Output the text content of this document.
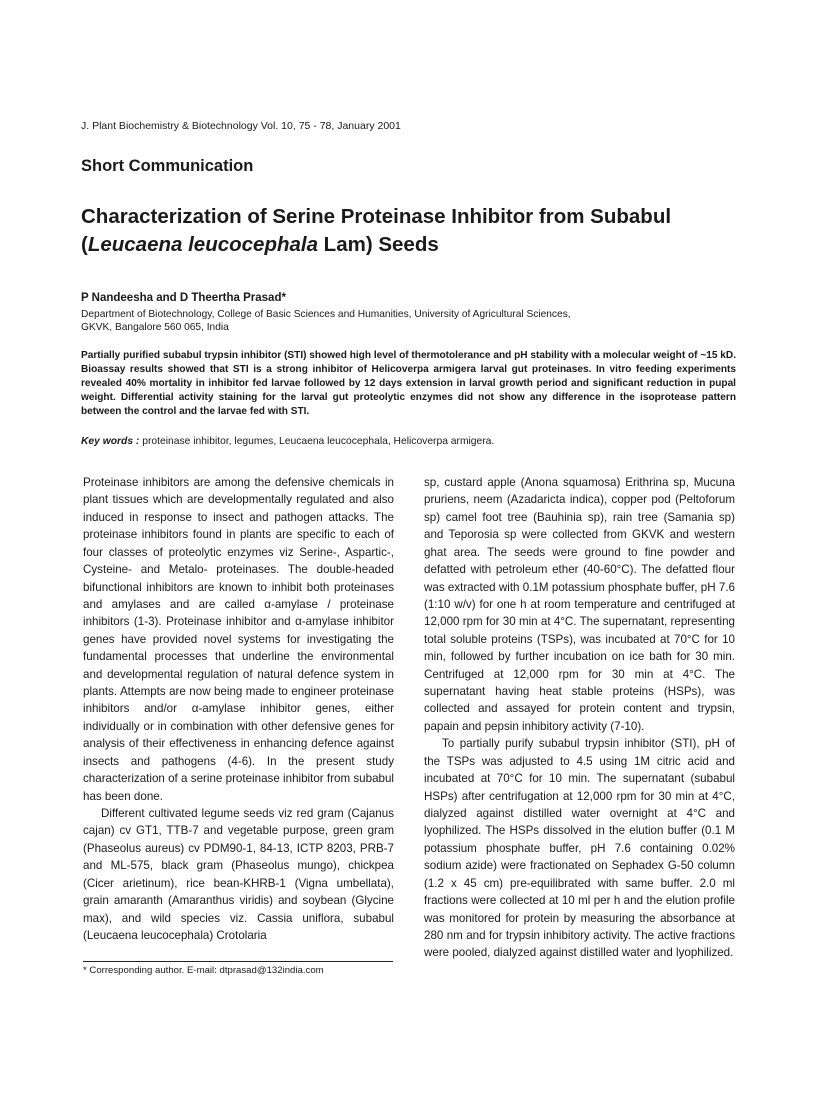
J. Plant Biochemistry & Biotechnology Vol. 10, 75 - 78, January 2001
Short Communication
Characterization of Serine Proteinase Inhibitor from Subabul
(Leucaena leucocephala Lam) Seeds
P Nandeesha and D Theertha Prasad*
Department of Biotechnology, College of Basic Sciences and Humanities, University of Agricultural Sciences,
GKVK, Bangalore 560 065, India
Partially purified subabul trypsin inhibitor (STI) showed high level of thermotolerance and pH stability with a molecular weight of ~15 kD. Bioassay results showed that STI is a strong inhibitor of Helicoverpa armigera larval gut proteinases. In vitro feeding experiments revealed 40% mortality in inhibitor fed larvae followed by 12 days extension in larval growth period and significant reduction in pupal weight. Differential activity staining for the larval gut proteolytic enzymes did not show any difference in the isoprotease pattern between the control and the larvae fed with STI.
Key words : proteinase inhibitor, legumes, Leucaena leucocephala, Helicoverpa armigera.

Proteinase inhibitors are among the defensive chemicals in plant tissues which are developmentally regulated and also induced in response to insect and pathogen attacks. The proteinase inhibitors found in plants are specific to each of four classes of proteolytic enzymes viz Serine-, Aspartic-, Cysteine- and Metalo- proteinases. The double-headed bifunctional inhibitors are known to inhibit both proteinases and amylases and are called α-amylase / proteinase inhibitors (1-3). Proteinase inhibitor and α-amylase inhibitor genes have provided novel systems for investigating the fundamental processes that underline the environmental and developmental regulation of natural defence system in plants. Attempts are now being made to engineer proteinase inhibitors and/or α-amylase inhibitor genes, either individually or in combination with other defensive genes for analysis of their effectiveness in enhancing defence against insects and pathogens (4-6). In the present study characterization of a serine proteinase inhibitor from subabul has been done.

Different cultivated legume seeds viz red gram (Cajanus cajan) cv GT1, TTB-7 and vegetable purpose, green gram (Phaseolus aureus) cv PDM90-1, 84-13, ICTP 8203, PRB-7 and ML-575, black gram (Phaseolus mungo), chickpea (Cicer arietinum), rice bean-KHRB-1 (Vigna umbellata), grain amaranth (Amaranthus viridis) and soybean (Glycine max), and wild species viz. Cassia uniflora, subabul (Leucaena leucocephala) Crotolaria

sp, custard apple (Anona squamosa) Erithrina sp, Mucuna pruriens, neem (Azadaricta indica), copper pod (Peltoforum sp) camel foot tree (Bauhinia sp), rain tree (Samania sp) and Teporosia sp were collected from GKVK and western ghat area. The seeds were ground to fine powder and defatted with petroleum ether (40-60°C). The defatted flour was extracted with 0.1M potassium phosphate buffer, pH 7.6 (1:10 w/v) for one h at room temperature and centrifuged at 12,000 rpm for 30 min at 4°C. The supernatant, representing total soluble proteins (TSPs), was incubated at 70°C for 10 min, followed by further incubation on ice bath for 30 min. Centrifuged at 12,000 rpm for 30 min at 4°C. The supernatant having heat stable proteins (HSPs), was collected and assayed for protein content and trypsin, papain and pepsin inhibitory activity (7-10).

To partially purify subabul trypsin inhibitor (STI), pH of the TSPs was adjusted to 4.5 using 1M citric acid and incubated at 70°C for 10 min. The supernatant (subabul HSPs) after centrifugation at 12,000 rpm for 30 min at 4°C, dialyzed against distilled water overnight at 4°C and lyophilized. The HSPs dissolved in the elution buffer (0.1 M potassium phosphate buffer, pH 7.6 containing 0.02% sodium azide) were fractionated on Sephadex G-50 column (1.2 x 45 cm) pre-equilibrated with same buffer. 2.0 ml fractions were collected at 10 ml per h and the elution profile was monitored for protein by measuring the absorbance at 280 nm and for trypsin inhibitory activity. The active fractions were pooled, dialyzed against distilled water and lyophilized.

* Corresponding author. E-mail: dtprasad@132india.com
